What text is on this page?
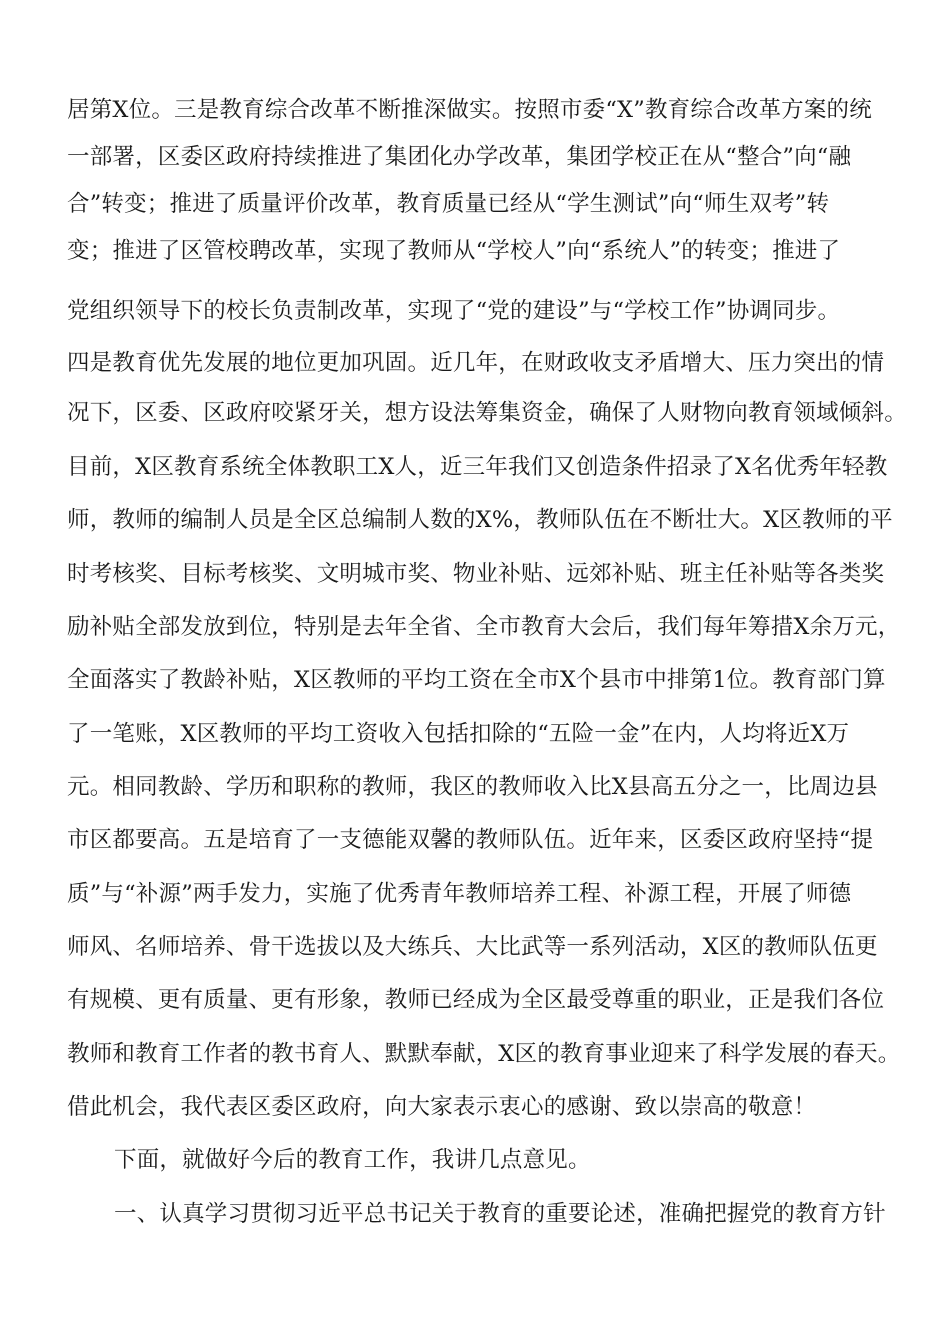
居第X位。三是教育综合改革不断推深做实。按照市委“X”教育综合改革方案的统
一部署，区委区政府持续推进了集团化办学改革，集团学校正在从“整合”向“融
合”转变；推进了质量评价改革，教育质量已经从“学生测试”向“师生双考”转
变；推进了区管校聘改革，实现了教师从“学校人”向“系统人”的转变；推进了
党组织领导下的校长负责制改革，实现了“党的建设”与“学校工作”协调同步。
四是教育优先发展的地位更加巩固。近几年，在财政收支矛盾增大、压力突出的情
况下，区委、区政府咬紧牙关，想方设法筹集资金，确保了人财物向教育领域倾斜。
目前，X区教育系统全体教职工X人，近三年我们又创造条件招录了X名优秀年轻教
师，教师的编制人员是全区总编制人数的X%，教师队伍在不断壮大。X区教师的平
时考核奖、目标考核奖、文明城市奖、物业补贴、远郊补贴、班主任补贴等各类奖
励补贴全部发放到位，特别是去年全省、全市教育大会后，我们每年筹措X余万元，
全面落实了教龄补贴，X区教师的平均工资在全市X个县市中排第1位。教育部门算
了一笔账，X区教师的平均工资收入包括扣除的“五险一金”在内，人均将近X万
元。相同教龄、学历和职称的教师，我区的教师收入比X县高五分之一，比周边县
市区都要高。五是培育了一支德能双馨的教师队伍。近年来，区委区政府坚持“提
质”与“补源”两手发力，实施了优秀青年教师培养工程、补源工程，开展了师德
师风、名师培养、骨干选拔以及大练兵、大比武等一系列活动，X区的教师队伍更
有规模、更有质量、更有形象，教师已经成为全区最受尊重的职业，正是我们各位
教师和教育工作者的教书育人、默默奉献，X区的教育事业迎来了科学发展的春天。
借此机会，我代表区委区政府，向大家表示衷心的感谢、致以崇高的敬意！
下面，就做好今后的教育工作，我讲几点意见。
一、认真学习贯彻习近平总书记关于教育的重要论述，准确把握党的教育方针
